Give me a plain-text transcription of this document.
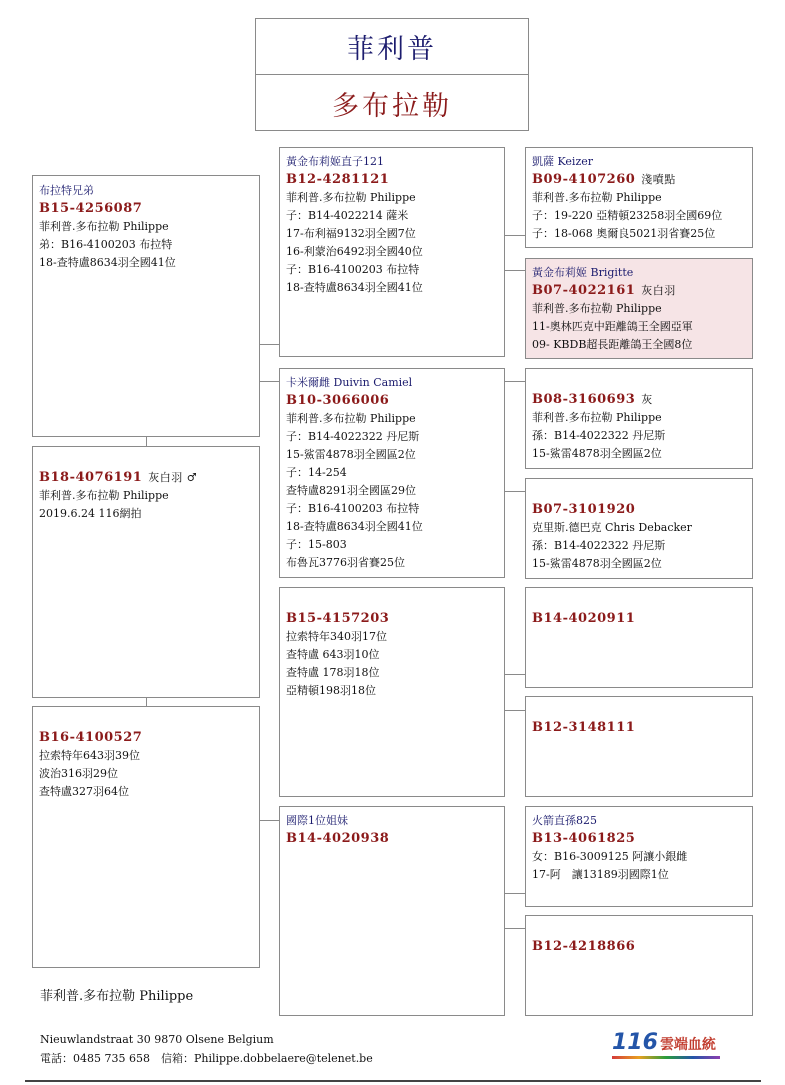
菲利普
多布拉勒
布拉特兄弟
B15-4256087
菲利普.多布拉勒 Philippe
弟：B16-4100203 布拉特
18-查特盧8634羽全國41位
B18-4076191 灰白羽 ♂
菲利普.多布拉勒 Philippe
2019.6.24 116網拍
B16-4100527
拉索特年643羽39位
波治316羽29位
查特盧327羽64位
黃金布莉姬直子121
B12-4281121
菲利普.多布拉勒 Philippe
子：B14-4022214 薩米
17-布利福9132羽全國7位
16-利蒙治6492羽全國40位
子：B16-4100203 布拉特
18-查特盧8634羽全國41位
卡米爾雌 Duivin Camiel
B10-3066006
菲利普.多布拉勒 Philippe
子：B14-4022322 丹尼斯
15-鯊雷4878羽全國區2位
子：14-254
查特盧8291羽全國區29位
子：B16-4100203 布拉特
18-查特盧8634羽全國41位
子：15-803
布魯瓦3776羽省賽25位
B15-4157203
拉索特年340羽17位
查特盧 643羽10位
查特盧 178羽18位
亞精頓198羽18位
國際1位姐妹
B14-4020938
凱薩 Keizer
B09-4107260 淺噴點
菲利普.多布拉勒 Philippe
子：19-220 亞精頓23258羽全國69位
子：18-068 奧爾良5021羽省賽25位
黃金布莉姬 Brigitte
B07-4022161 灰白羽
菲利普.多布拉勒 Philippe
11-奧林匹克中距離鴿王全國亞軍
09- KBDB超長距離鴿王全國8位
B08-3160693 灰
菲利普.多布拉勒 Philippe
孫：B14-4022322 丹尼斯
15-鯊雷4878羽全國區2位
B07-3101920
克里斯.德巴克 Chris Debacker
孫：B14-4022322 丹尼斯
15-鯊雷4878羽全國區2位
B14-4020911
B12-3148111
火箭直孫825
B13-4061825
女：B16-3009125 阿讓小銀雌
17-阿　讓13189羽國際1位
B12-4218866
菲利普.多布拉勒 Philippe
Nieuwlandstraat 30 9870 Olsene Belgium
電話：0485 735 658　信箱：Philippe.dobbelaere@telenet.be
116 雲端血統
